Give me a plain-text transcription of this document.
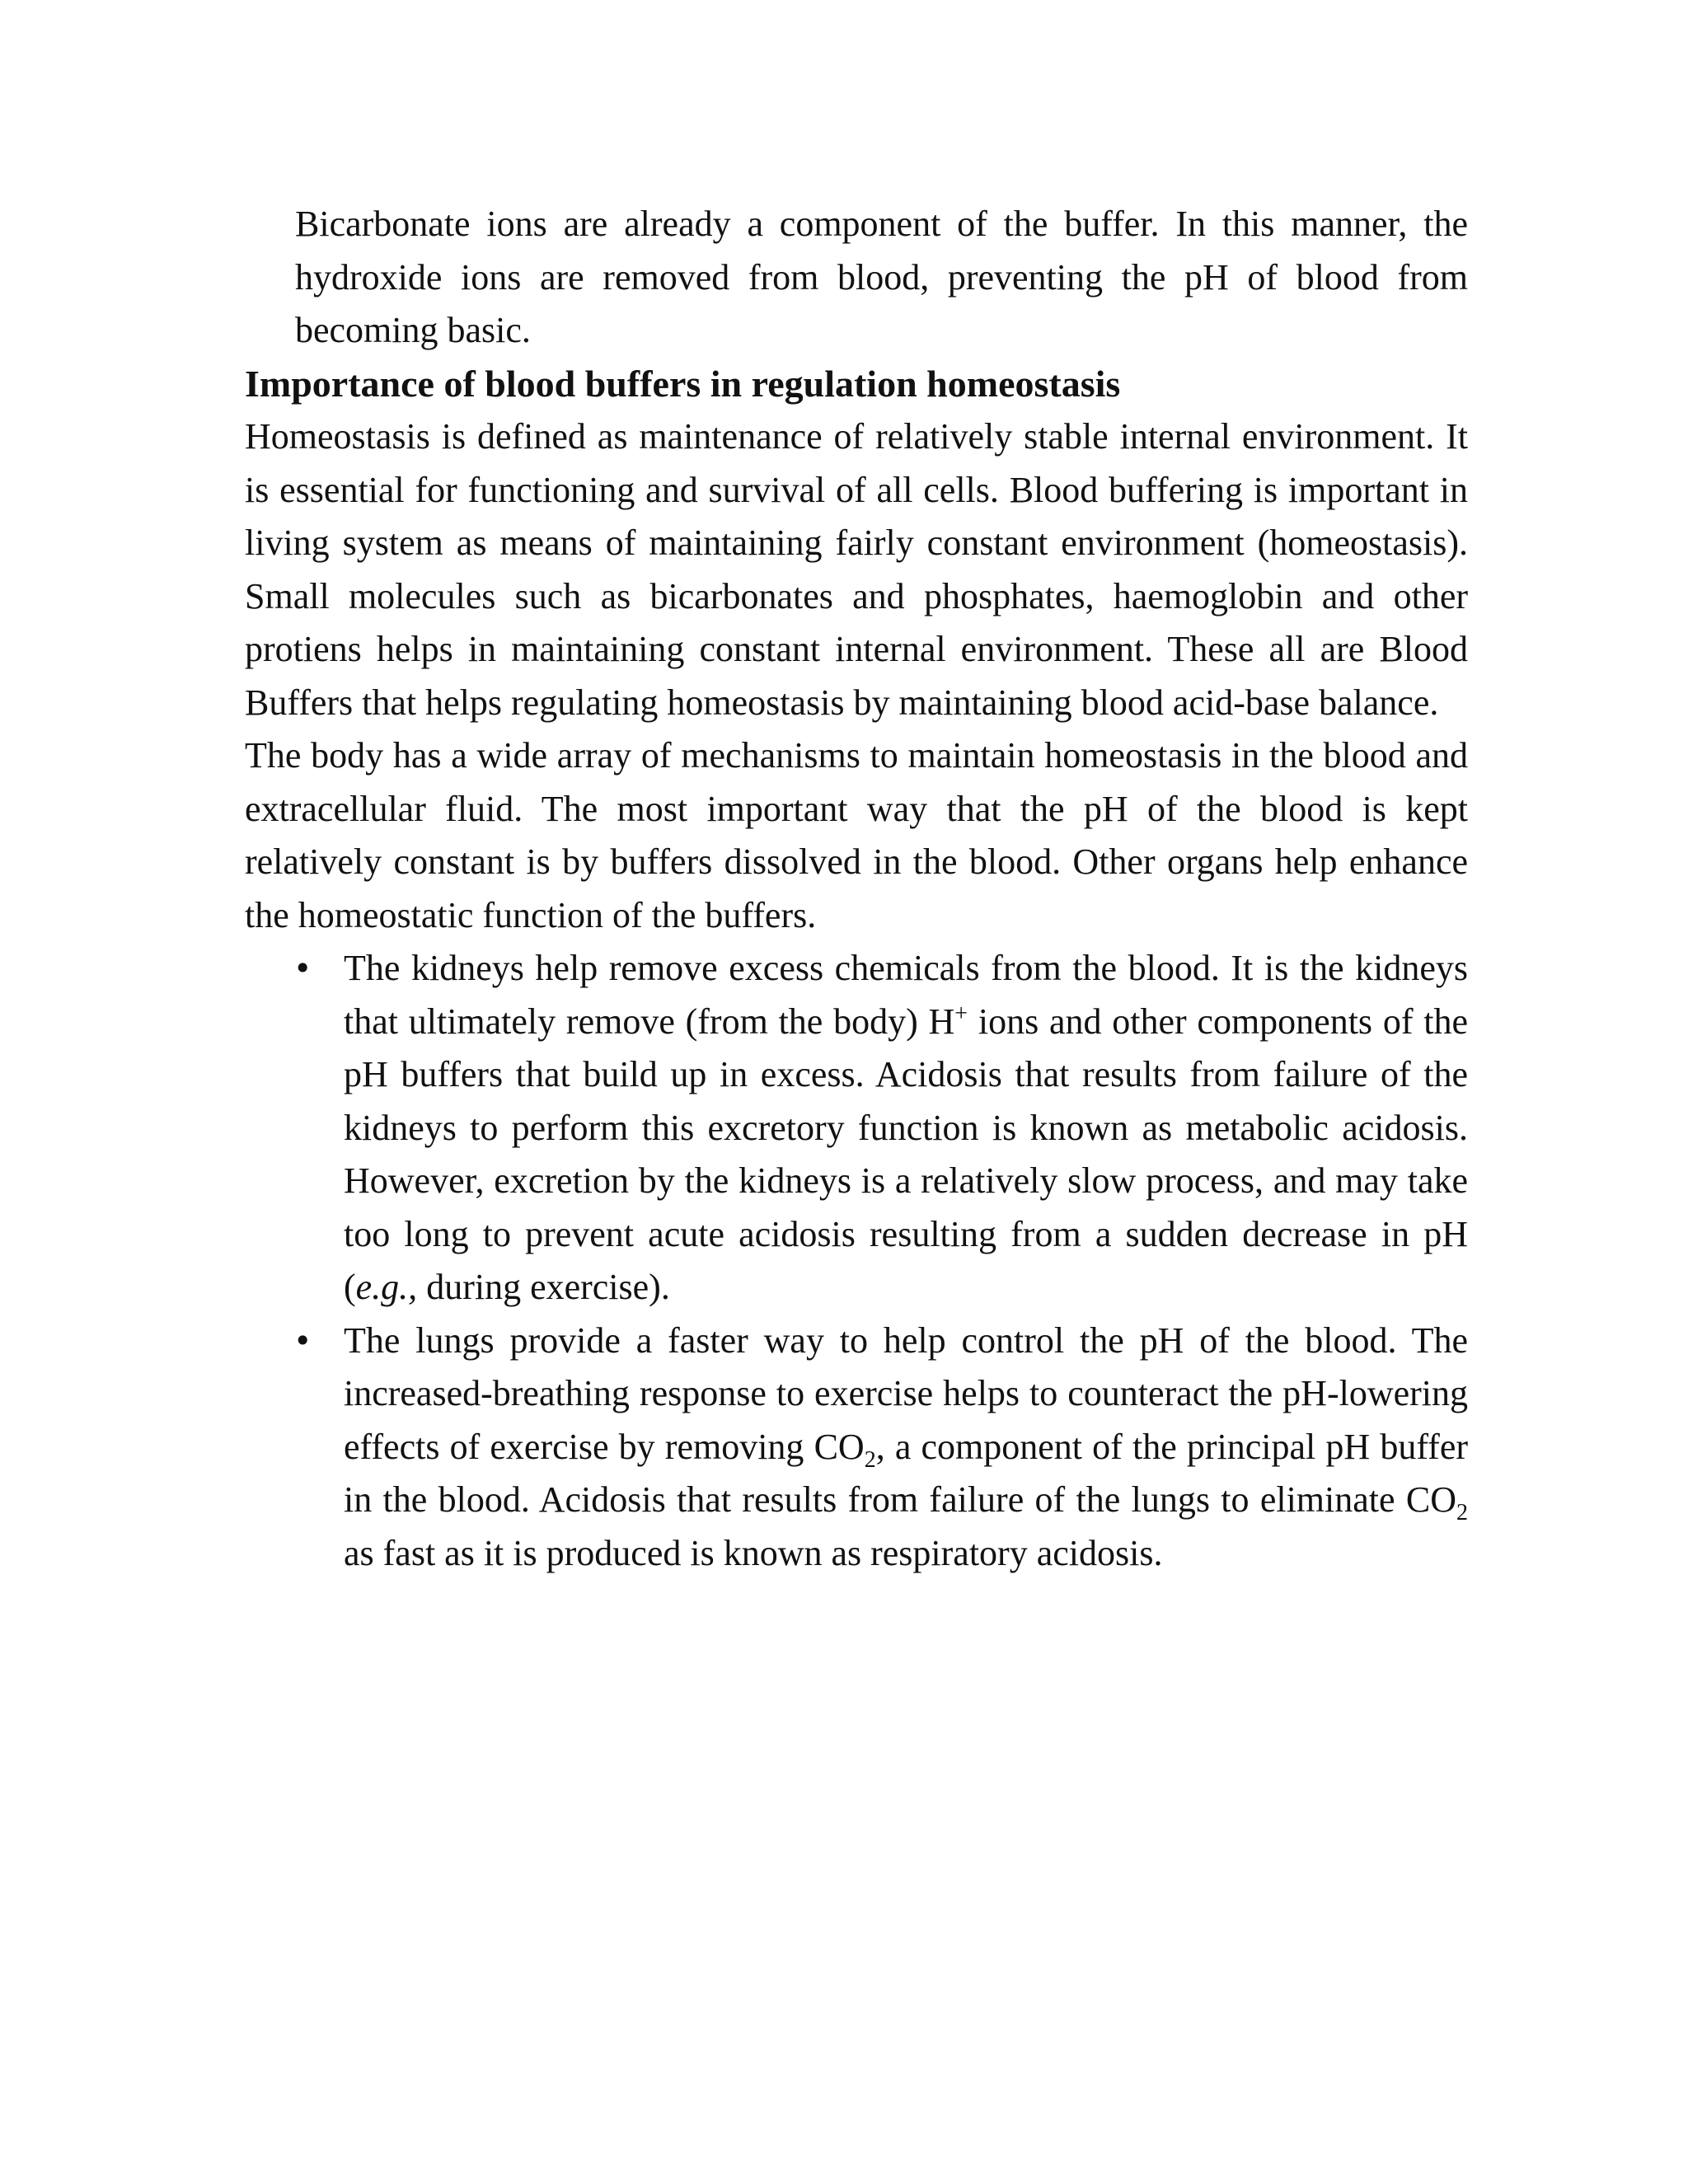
Bicarbonate ions are already a component of the buffer. In this manner, the hydroxide ions are removed from blood, preventing the pH of blood from becoming basic.

Importance of blood buffers in regulation homeostasis

Homeostasis is defined as maintenance of relatively stable internal environment. It is essential for functioning and survival of all cells. Blood buffering is important in living system as means of maintaining fairly constant environment (homeostasis). Small molecules such as bicarbonates and phosphates, haemoglobin and other protiens helps in maintaining constant internal environment. These all are Blood Buffers that helps regulating homeostasis by maintaining blood acid-base balance.

The body has a wide array of mechanisms to maintain homeostasis in the blood and extracellular fluid. The most important way that the pH of the blood is kept relatively constant is by buffers dissolved in the blood. Other organs help enhance the homeostatic function of the buffers.

• The kidneys help remove excess chemicals from the blood. It is the kidneys that ultimately remove (from the body) H+ ions and other components of the pH buffers that build up in excess. Acidosis that results from failure of the kidneys to perform this excretory function is known as metabolic acidosis. However, excretion by the kidneys is a relatively slow process, and may take too long to prevent acute acidosis resulting from a sudden decrease in pH (e.g., during exercise).
• The lungs provide a faster way to help control the pH of the blood. The increased-breathing response to exercise helps to counteract the pH-lowering effects of exercise by removing $CO_2$, a component of the principal pH buffer in the blood. Acidosis that results from failure of the lungs to eliminate $CO_2$ as fast as it is produced is known as respiratory acidosis.
